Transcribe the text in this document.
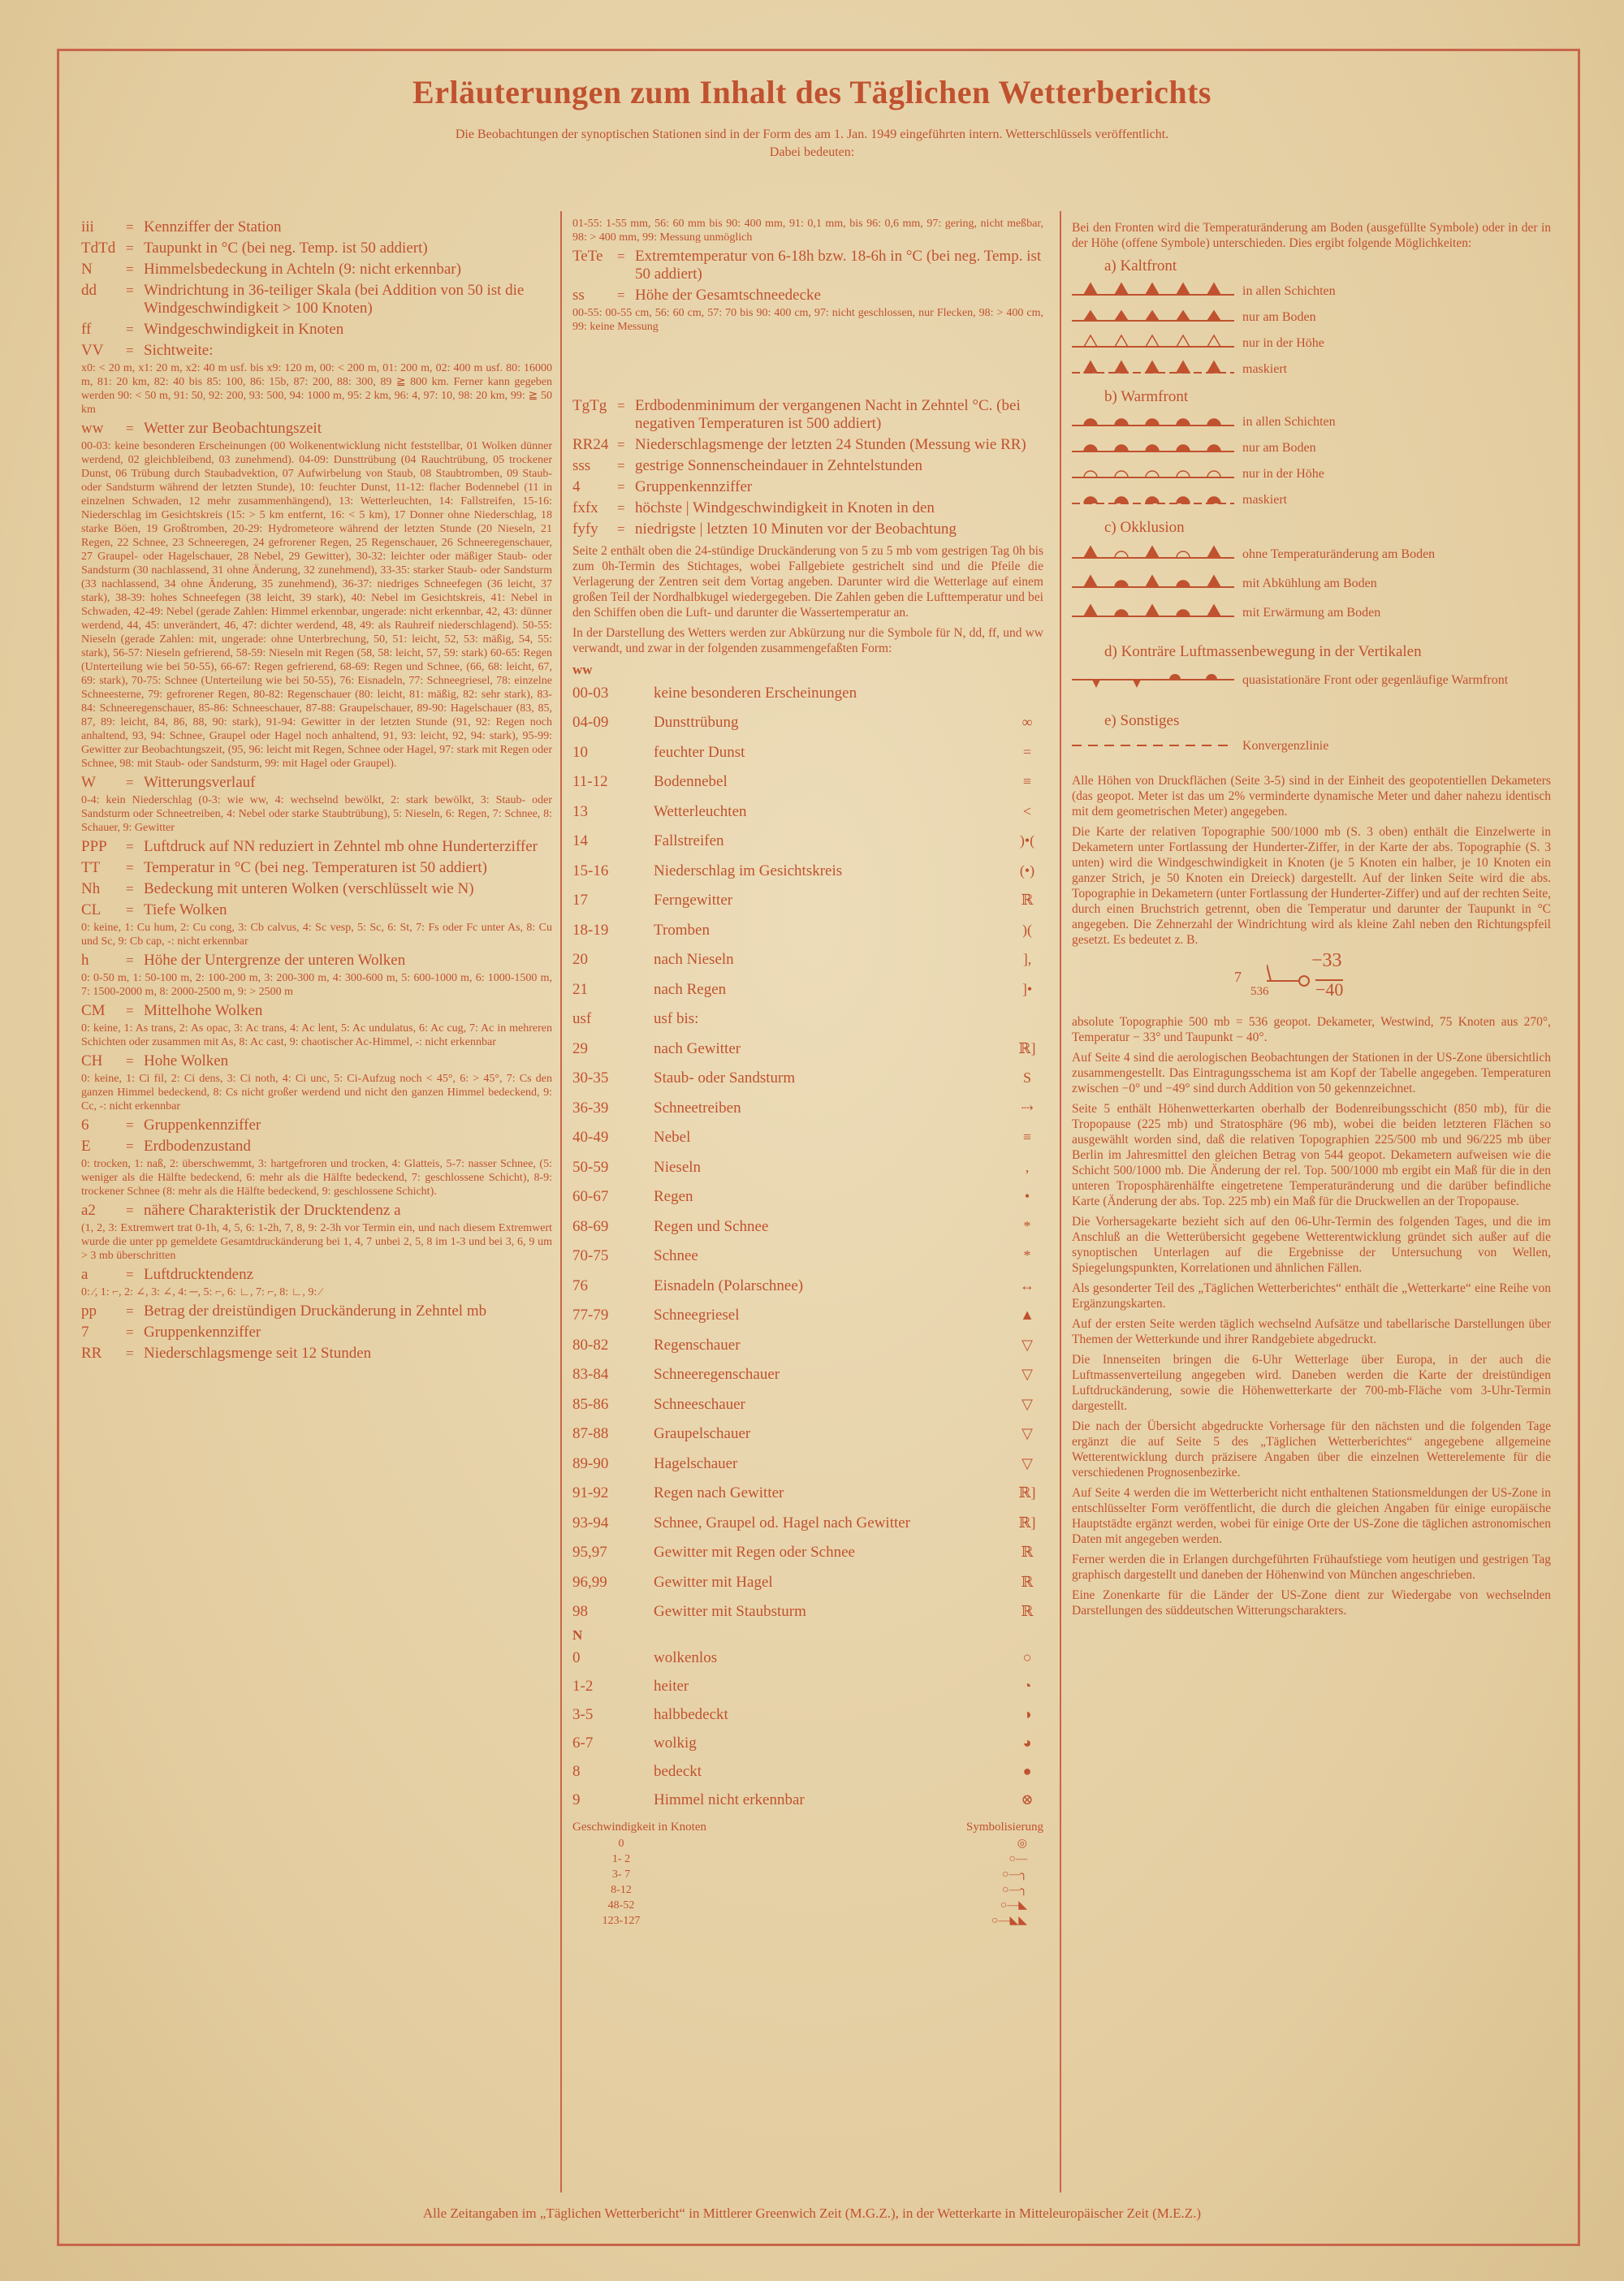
Erläuterungen zum Inhalt des Täglichen Wetterberichts
Die Beobachtungen der synoptischen Stationen sind in der Form des am 1. Jan. 1949 eingeführten intern. Wetterschlüssels veröffentlicht.
Dabei bedeuten:
iii	= Kennziffer der Station
TdTd = Taupunkt in °C (bei neg. Temp. ist 50 addiert)
N	= Himmelsbedeckung in Achteln (9: nicht erkennbar)
dd	= Windrichtung in 36-teiliger Skala (bei Addition von 50 ist die Windgeschwindigkeit > 100 Knoten)
ff	= Windgeschwindigkeit in Knoten
VV	= Sichtweite:
x0: < 20 m, x1: 20 m, x2: 40 m usf. bis x9: 120 m, 00: < 200 m, 01: 200 m, 02: 400 m usf. 80: 16000 m, 81: 20 km, 82: 40 bis 85: 100, 86: 15b, 87: 200, 88: 300, 89 ≧ 800 km. Ferner kann gegeben werden 90: < 50 m, 91: 50, 92: 200, 93: 500, 94: 1000 m, 95: 2 km, 96: 4, 97: 10, 98: 20 km, 99: ≧ 50 km
ww	= Wetter zur Beobachtungszeit
00-03: keine besonderen Erscheinungen (00 Wolkenentwicklung nicht feststellbar, 01 Wolken dünner werdend, 02 gleichbleibend, 03 zunehmend). 04-09: Dunsttrübung (04 Rauchtrübung, 05 trockener Dunst, 06 Trübung durch Staubadvektion, 07 Aufwirbelung von Staub, 08 Staubtromben, 09 Staub- oder Sandsturm während der letzten Stunde), 10: feuchter Dunst, 11-12: flacher Bodennebel (11 in einzelnen Schwaden, 12 mehr zusammenhängend), 13: Wetterleuchten, 14: Fallstreifen, 15-16: Niederschlag im Gesichtskreis (15: > 5 km entfernt, 16: < 5 km), 17 Donner ohne Niederschlag, 18 starke Böen, 19 Großtromben, 20-29: Hydrometeore während der letzten Stunde (20 Nieseln, 21 Regen, 22 Schnee, 23 Schneeregen, 24 gefrorener Regen, 25 Regenschauer, 26 Schneeregenschauer, 27 Graupel- oder Hagelschauer, 28 Nebel, 29 Gewitter), 30-32: leichter oder mäßiger Staub- oder Sandsturm (30 nachlassend, 31 ohne Änderung, 32 zunehmend), 33-35: starker Staub- oder Sandsturm (33 nachlassend, 34 ohne Änderung, 35 zunehmend), 36-37: niedriges Schneefegen (36 leicht, 37 stark), 38-39: hohes Schneefegen (38 leicht, 39 stark), 40: Nebel im Gesichtskreis, 41: Nebel in Schwaden, 42-49: Nebel (gerade Zahlen: Himmel erkennbar, ungerade: nicht erkennbar, 42, 43: dünner werdend, 44, 45: unverändert, 46, 47: dichter werdend, 48, 49: als Rauhreif niederschlagend). 50-55: Nieseln (gerade Zahlen: mit, ungerade: ohne Unterbrechung, 50, 51: leicht, 52, 53: mäßig, 54, 55: stark), 56-57: Nieseln gefrierend, 58-59: Nieseln mit Regen (58, 58: leicht, 57, 59: stark) 60-65: Regen (Unterteilung wie bei 50-55), 66-67: Regen gefrierend, 68-69: Regen und Schnee, (66, 68: leicht, 67, 69: stark), 70-75: Schnee (Unterteilung wie bei 50-55), 76: Eisnadeln, 77: Schneegriesel, 78: einzelne Schneesterne, 79: gefrorener Regen, 80-82: Regenschauer (80: leicht, 81: mäßig, 82: sehr stark), 83-84: Schneeregenschauer, 85-86: Schneeschauer, 87-88: Graupelschauer, 89-90: Hagelschauer (83, 85, 87, 89: leicht, 84, 86, 88, 90: stark), 91-94: Gewitter in der letzten Stunde (91, 92: Regen noch anhaltend, 93, 94: Schnee, Graupel oder Hagel noch anhaltend, 91, 93: leicht, 92, 94: stark), 95-99: Gewitter zur Beobachtungszeit, (95, 96: leicht mit Regen, Schnee oder Hagel, 97: stark mit Regen oder Schnee, 98: mit Staub- oder Sandsturm, 99: mit Hagel oder Graupel).
W	= Witterungsverlauf
0-4: kein Niederschlag (0-3: wie ww, 4: wechselnd bewölkt, 2: stark bewölkt, 3: Staub- oder Sandsturm oder Schneetreiben, 4: Nebel oder starke Staubtrübung), 5: Nieseln, 6: Regen, 7: Schnee, 8: Schauer, 9: Gewitter
PPP	= Luftdruck auf NN reduziert in Zehntel mb ohne Hunderterziffer
TT	= Temperatur in °C (bei neg. Temperaturen ist 50 addiert)
Nh	= Bedeckung mit unteren Wolken (verschlüsselt wie N)
CL	= Tiefe Wolken
0: keine, 1: Cu hum, 2: Cu cong, 3: Cb calvus, 4: Sc vesp, 5: Sc, 6: St, 7: Fs oder Fc unter As, 8: Cu und Sc, 9: Cb cap, -: nicht erkennbar
h	= Höhe der Untergrenze der unteren Wolken
0: 0-50 m, 1: 50-100 m, 2: 100-200 m, 3: 200-300 m, 4: 300-600 m, 5: 600-1000 m, 6: 1000-1500 m, 7: 1500-2000 m, 8: 2000-2500 m, 9: > 2500 m
CM	= Mittelhohe Wolken
0: keine, 1: As trans, 2: As opac, 3: Ac trans, 4: Ac lent, 5: Ac undulatus, 6: Ac cug, 7: Ac in mehreren Schichten oder zusammen mit As, 8: Ac cast, 9: chaotischer Ac-Himmel, -: nicht erkennbar
CH	= Hohe Wolken
0: keine, 1: Ci fil, 2: Ci dens, 3: Ci noth, 4: Ci unc, 5: Ci-Aufzug noch < 45°, 6: > 45°, 7: Cs den ganzen Himmel bedeckend, 8: Cs nicht großer werdend und nicht den ganzen Himmel bedeckend, 9: Cc, -: nicht erkennbar
6	= Gruppenkennziffer
E	= Erdbodenzustand
0: trocken, 1: naß, 2: überschwemmt, 3: hartgefroren und trocken, 4: Glatteis, 5-7: nasser Schnee, (5: weniger als die Hälfte bedeckend, 6: mehr als die Hälfte bedeckend, 7: geschlossene Schicht), 8-9: trockener Schnee (8: mehr als die Hälfte bedeckend, 9: geschlossene Schicht).
a2	= nähere Charakteristik der Drucktendenz a
(1, 2, 3: Extremwert trat 0-1h, 4, 5, 6: 1-2h, 7, 8, 9: 2-3h vor Termin ein, und nach diesem Extremwert wurde die unter pp gemeldete Gesamtdruckänderung bei 1, 4, 7 unbei 2, 5, 8 im 1-3 und bei 3, 6, 9 um > 3 mb überschritten
a	= Luftdrucktendenz
0: ⁄, 1: ⌐, 2: ∠, 3: ∠, 4: ─, 5: ⌐, 6: ∟, 7: ⌐, 8: ∟, 9: ⁄
pp	= Betrag der dreistündigen Druckänderung in Zehntel mb
7	= Gruppenkennziffer
RR	= Niederschlagsmenge seit 12 Stunden
01-55: 1-55 mm, 56: 60 mm bis 90: 400 mm, 91: 0,1 mm, bis 96: 0,6 mm, 97: gering, nicht meßbar, 98: > 400 mm, 99: Messung unmöglich
TeTe	= Extremtemperatur von 6-18h bzw. 18-6h in °C (bei neg. Temp. ist 50 addiert)
ss	= Höhe der Gesamtschneedecke
00-55: 00-55 cm, 56: 60 cm, 57: 70 bis 90: 400 cm, 97: nicht geschlossen, nur Flecken, 98: > 400 cm, 99: keine Messung
TgTg = Erdbodenminimum der vergangenen Nacht in Zehntel °C. (bei negativen Temperaturen ist 500 addiert)
RR24 = Niederschlagsmenge der letzten 24 Stunden (Messung wie RR)
sss	= gestrige Sonnenscheindauer in Zehntelstunden
4	= Gruppenkennziffer
fxfx	= höchste | Windgeschwindigkeit in Knoten in den
fyfy	= niedrigste | letzten 10 Minuten vor der Beobachtung
Seite 2 enthält oben die 24-stündige Druckänderung von 5 zu 5 mb vom gestrigen Tag 0h bis zum 0h-Termin des Stichtages, wobei Fallgebiete gestrichelt sind und die Pfeile die Verlagerung der Zentren seit dem Vortag angeben. Darunter wird die Wetterlage auf einem großen Teil der Nordhalbkugel wiedergegeben. Die Zahlen geben die Lufttemperatur und bei den Schiffen oben die Luft- und darunter die Wassertemperatur an.
In der Darstellung des Wetters werden zur Abkürzung nur die Symbole für N, dd, ff, und ww verwandt, und zwar in der folgenden zusammengefaßten Form:
ww
00-03	keine besonderen Erscheinungen
04-09	Dunsttrübung	∞
10	feuchter Dunst	=
11-12	Bodennebel	≡
13	Wetterleuchten	<
14	Fallstreifen	)•(
15-16	Niederschlag im Gesichtskreis	(•)
17	Ferngewitter	ℝ
18-19	Tromben	)(
20	nach Nieseln	],
21	nach Regen	]•
usf	usf bis:
29	nach Gewitter	ℝ]
30-35	Staub- oder Sandsturm	S
36-39	Schneetreiben	⇢
40-49	Nebel	≡
50-59	Nieseln	,
60-67	Regen	•
68-69	Regen und Schnee	*
70-75	Schnee	*
76	Eisnadeln (Polarschnee)	↔
77-79	Schneegriesel	▲
80-82	Regenschauer	▽
83-84	Schneeregenschauer	▽
85-86	Schneeschauer	▽
87-88	Graupelschauer	▽
89-90	Hagelschauer	▽
91-92	Regen nach Gewitter	ℝ]
93-94	Schnee, Graupel od. Hagel nach Gewitter	ℝ]
95,97	Gewitter mit Regen oder Schnee	ℝ
96,99	Gewitter mit Hagel	ℝ
98	Gewitter mit Staubsturm	ℝ
N
0	wolkenlos	○
1-2	heiter	◔
3-5	halbbedeckt	◑
6-7	wolkig	◕
8	bedeckt	●
9	Himmel nicht erkennbar	⊗
Geschwindigkeit in Knoten	Symbolisierung
0	◎
1- 2	○—
3- 7	○—╮
8-12	○—╮
48-52	○—◣
123-127	○—◣◣
Bei den Fronten wird die Temperaturänderung am Boden (ausgefüllte Symbole) oder in der in der Höhe (offene Symbole) unterschieden. Dies ergibt folgende Möglichkeiten:
a) Kaltfront
in allen Schichten
nur am Boden
nur in der Höhe
maskiert
b) Warmfront
in allen Schichten
nur am Boden
nur in der Höhe
maskiert
c) Okklusion
ohne Temperaturänderung am Boden
mit Abkühlung am Boden
mit Erwärmung am Boden
d) Konträre Luftmassenbewegung in der Vertikalen
quasistationäre Front oder gegenläufige Warmfront
e) Sonstiges
Konvergenzlinie
Alle Höhen von Druckflächen (Seite 3-5) sind in der Einheit des geopotentiellen Dekameters (das geopot. Meter ist das um 2% verminderte dynamische Meter und daher nahezu identisch mit dem geometrischen Meter) angegeben.
Die Karte der relativen Topographie 500/1000 mb (S. 3 oben) enthält die Einzelwerte in Dekametern unter Fortlassung der Hunderter-Ziffer, in der Karte der abs. Topographie (S. 3 unten) wird die Windgeschwindigkeit in Knoten (je 5 Knoten ein halber, je 10 Knoten ein ganzer Strich, je 50 Knoten ein Dreieck) dargestellt. Auf der linken Seite wird die abs. Topographie in Dekametern (unter Fortlassung der Hunderter-Ziffer) und auf der rechten Seite, durch einen Bruchstrich getrennt, oben die Temperatur und darunter der Taupunkt in °C angegeben. Die Zehnerzahl der Windrichtung wird als kleine Zahl neben den Richtungspfeil gesetzt. Es bedeutet z. B.
7
536
−33
−40
absolute Topographie 500 mb = 536 geopot. Dekameter, Westwind, 75 Knoten aus 270°, Temperatur − 33° und Taupunkt − 40°.
Auf Seite 4 sind die aerologischen Beobachtungen der Stationen in der US-Zone übersichtlich zusammengestellt. Das Eintragungsschema ist am Kopf der Tabelle angegeben. Temperaturen zwischen −0° und −49° sind durch Addition von 50 gekennzeichnet.
Seite 5 enthält Höhenwetterkarten oberhalb der Bodenreibungsschicht (850 mb), für die Tropopause (225 mb) und Stratosphäre (96 mb), wobei die beiden letzteren Flächen so ausgewählt worden sind, daß die relativen Topographien 225/500 mb und 96/225 mb über Berlin im Jahresmittel den gleichen Betrag von 544 geopot. Dekametern aufweisen wie die Schicht 500/1000 mb. Die Änderung der rel. Top. 500/1000 mb ergibt ein Maß für die in den unteren Troposphärenhälfte eingetretene Temperaturänderung und die darüber befindliche Karte (Änderung der abs. Top. 225 mb) ein Maß für die Druckwellen an der Tropopause.
Die Vorhersagekarte bezieht sich auf den 06-Uhr-Termin des folgenden Tages, und die im Anschluß an die Wetterübersicht gegebene Wetterentwicklung gründet sich außer auf die synoptischen Unterlagen auf die Ergebnisse der Untersuchung von Wellen, Spiegelungspunkten, Korrelationen und ähnlichen Fällen.
Als gesonderter Teil des „Täglichen Wetterberichtes“ enthält die „Wetterkarte“ eine Reihe von Ergänzungskarten.
Auf der ersten Seite werden täglich wechselnd Aufsätze und tabellarische Darstellungen über Themen der Wetterkunde und ihrer Randgebiete abgedruckt.
Die Innenseiten bringen die 6-Uhr Wetterlage über Europa, in der auch die Luftmassenverteilung angegeben wird. Daneben werden die Karte der dreistündigen Luftdruckänderung, sowie die Höhenwetterkarte der 700-mb-Fläche vom 3-Uhr-Termin dargestellt.
Die nach der Übersicht abgedruckte Vorhersage für den nächsten und die folgenden Tage ergänzt die auf Seite 5 des „Täglichen Wetterberichtes“ angegebene allgemeine Wetterentwicklung durch präzisere Angaben über die einzelnen Wetterelemente für die verschiedenen Prognosenbezirke.
Auf Seite 4 werden die im Wetterbericht nicht enthaltenen Stationsmeldungen der US-Zone in entschlüsselter Form veröffentlicht, die durch die gleichen Angaben für einige europäische Hauptstädte ergänzt werden, wobei für einige Orte der US-Zone die täglichen astronomischen Daten mit angegeben werden.
Ferner werden die in Erlangen durchgeführten Frühaufstiege vom heutigen und gestrigen Tag graphisch dargestellt und daneben der Höhenwind von München angeschrieben.
Eine Zonenkarte für die Länder der US-Zone dient zur Wiedergabe von wechselnden Darstellungen des süddeutschen Witterungscharakters.
Alle Zeitangaben im „Täglichen Wetterbericht“ in Mittlerer Greenwich Zeit (M.G.Z.), in der Wetterkarte in Mitteleuropäischer Zeit (M.E.Z.)
